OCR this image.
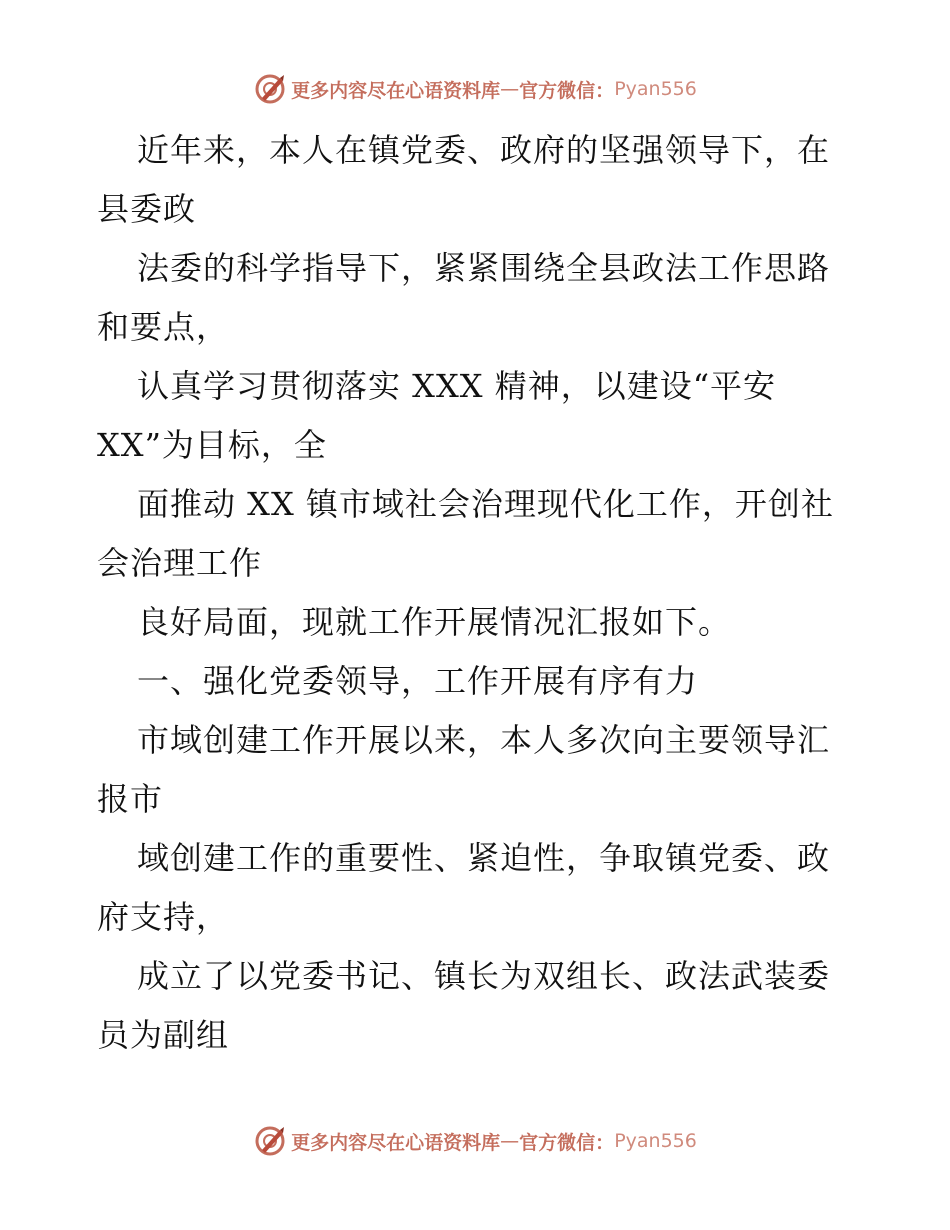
更多内容尽在心语资料库 — 官方微信： Pyan556
近年来，本人在镇党委、政府的坚强领导下，在
县委政
法委的科学指导下，紧紧围绕全县政法工作思路
和要点，
认真学习贯彻落实 XXX 精神，以建设“平安
XX”为目标，全
面推动 XX 镇市域社会治理现代化工作，开创社
会治理工作
良好局面，现就工作开展情况汇报如下。
一、强化党委领导，工作开展有序有力
市域创建工作开展以来，本人多次向主要领导汇
报市
域创建工作的重要性、紧迫性，争取镇党委、政
府支持，
成立了以党委书记、镇长为双组长、政法武装委
员为副组
更多内容尽在心语资料库 — 官方微信： Pyan556
